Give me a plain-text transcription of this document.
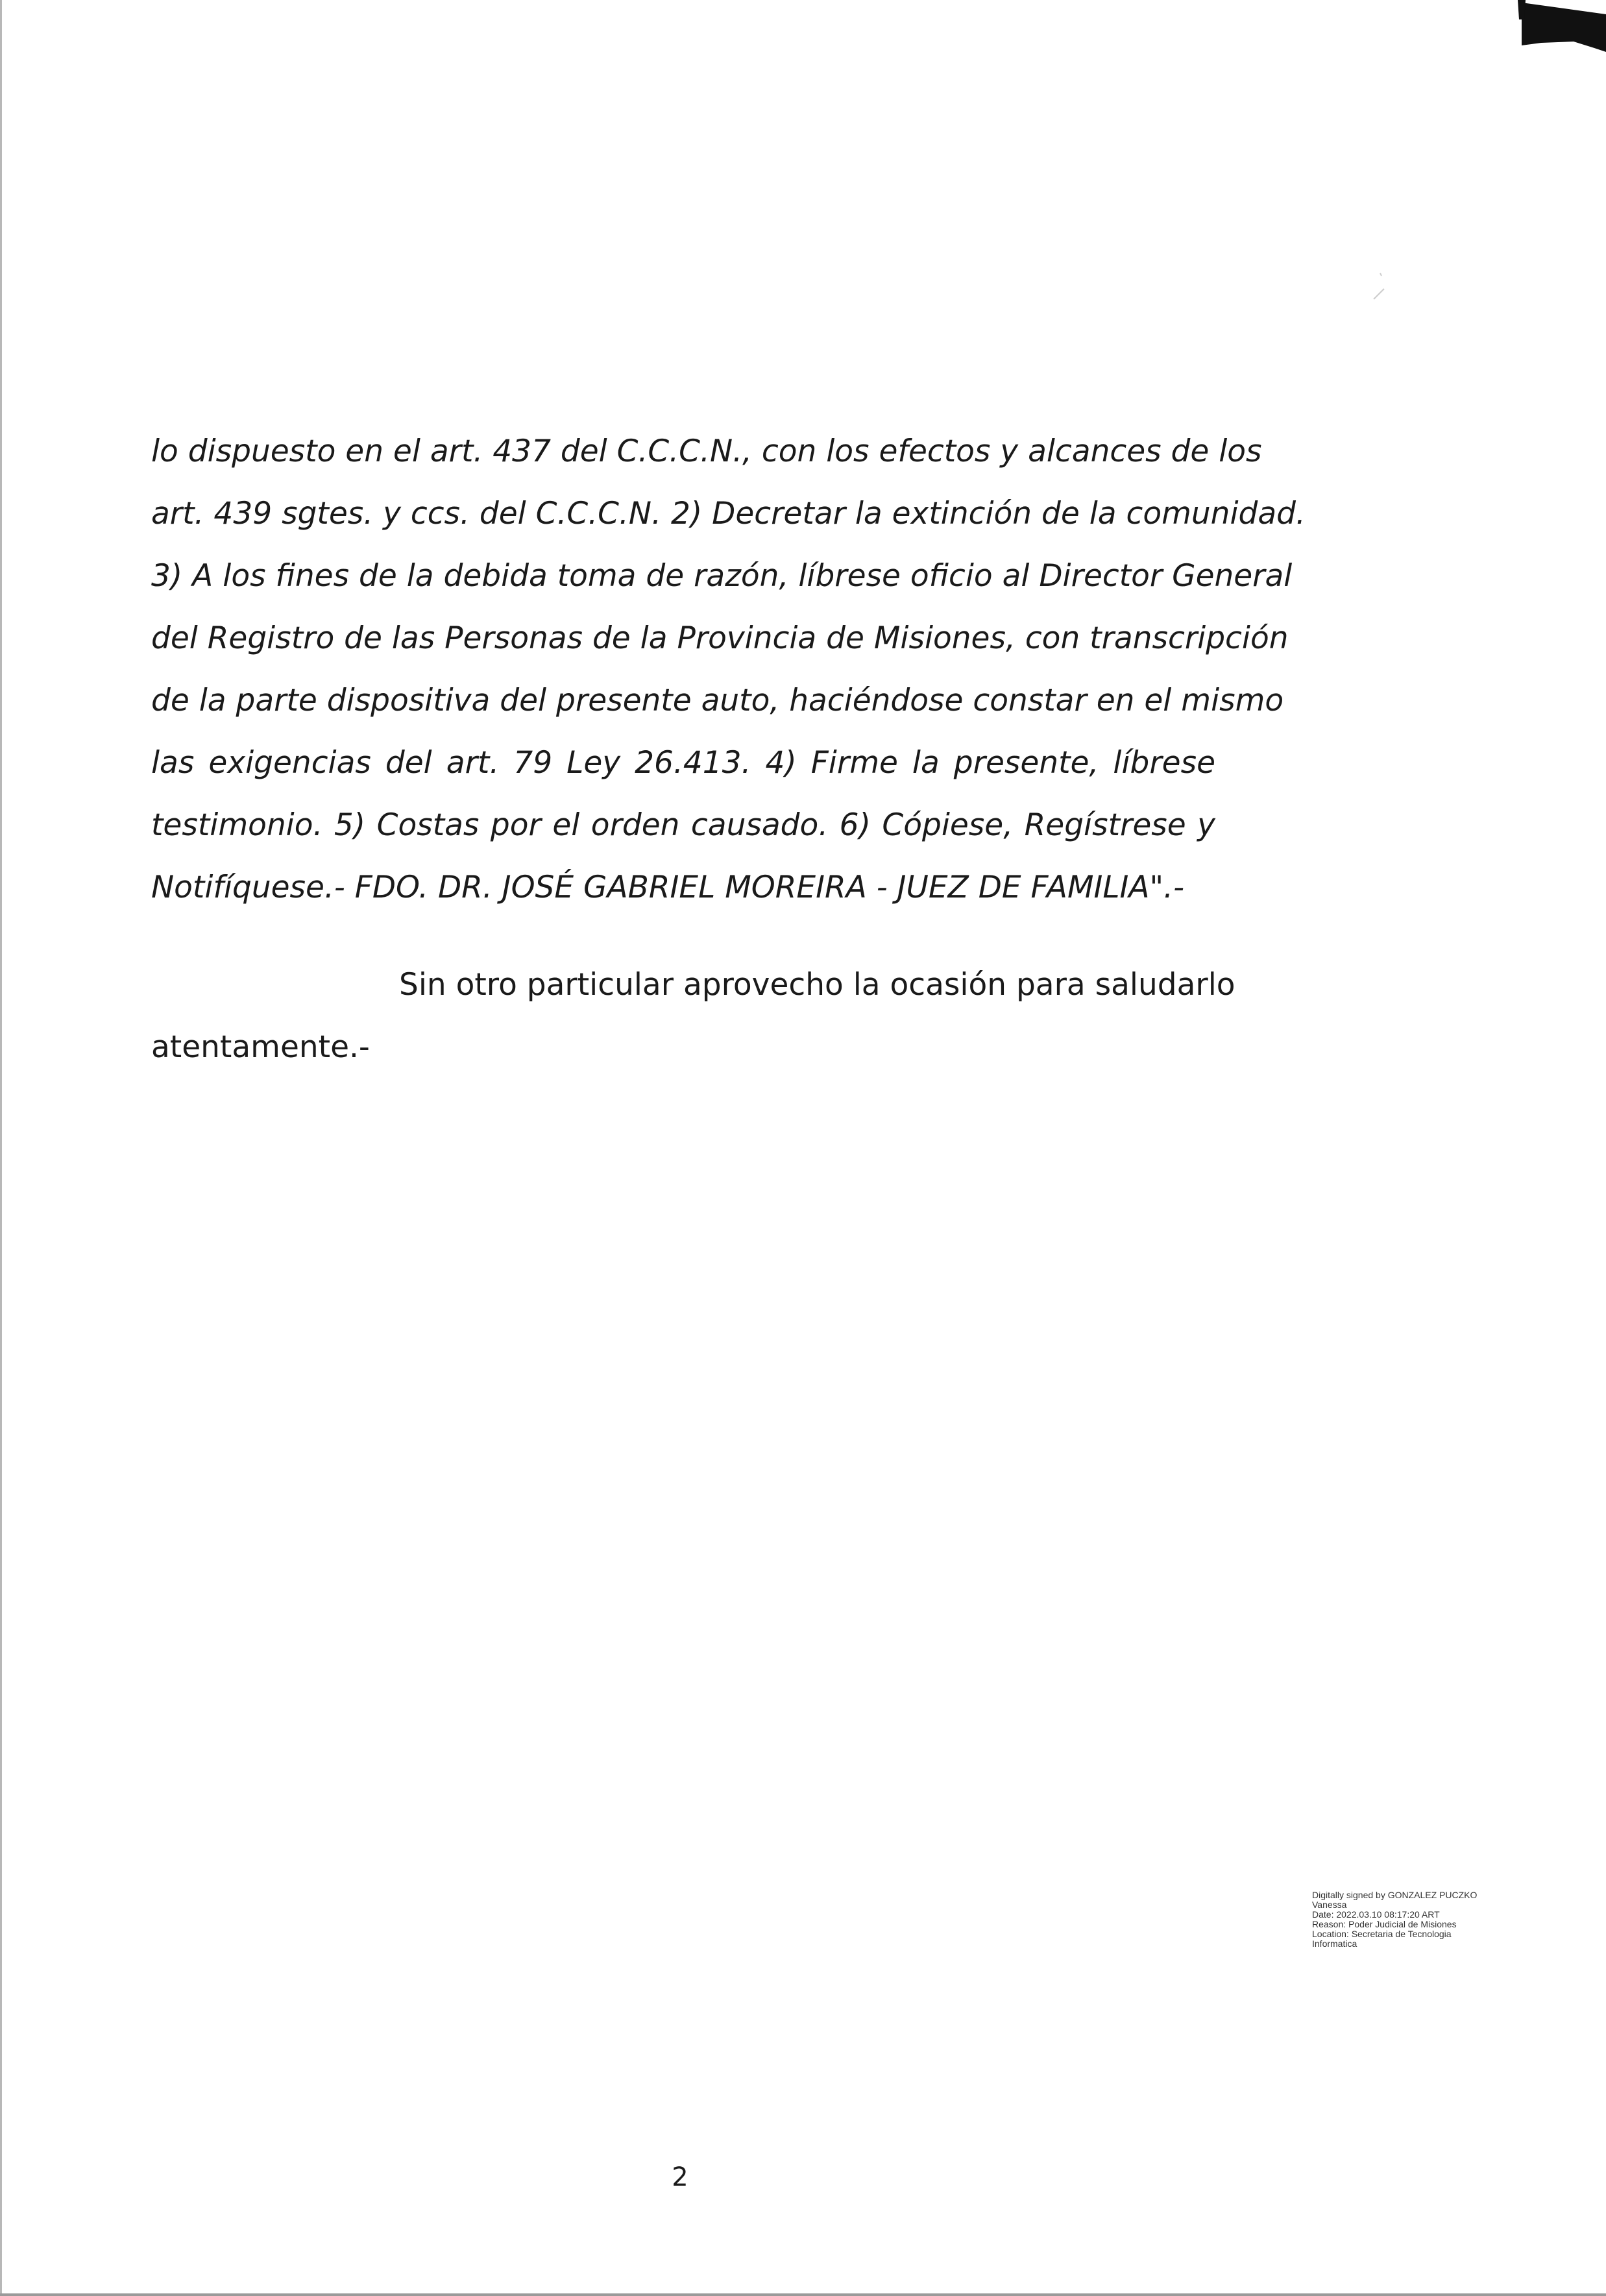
lo dispuesto en el art. 437 del C.C.C.N., con los efectos y alcances de los
art. 439 sgtes. y ccs. del C.C.C.N. 2) Decretar la extinción de la comunidad.
3) A los fines de la debida toma de razón, líbrese oficio al Director General
del Registro de las Personas de la Provincia de Misiones, con transcripción
de la parte dispositiva del presente auto, haciéndose constar en el mismo
las exigencias del art. 79 Ley 26.413. 4) Firme la presente, líbrese
testimonio. 5) Costas por el orden causado. 6) Cópiese, Regístrese y
Notifíquese.- FDO. DR. JOSÉ GABRIEL MOREIRA - JUEZ DE FAMILIA".-
Sin otro particular aprovecho la ocasión para saludarlo
atentamente.-
Digitally signed by GONZALEZ PUCZKO
Vanessa
Date: 2022.03.10 08:17:20 ART
Reason: Poder Judicial de Misiones
Location: Secretaria de Tecnologia
Informatica
2
